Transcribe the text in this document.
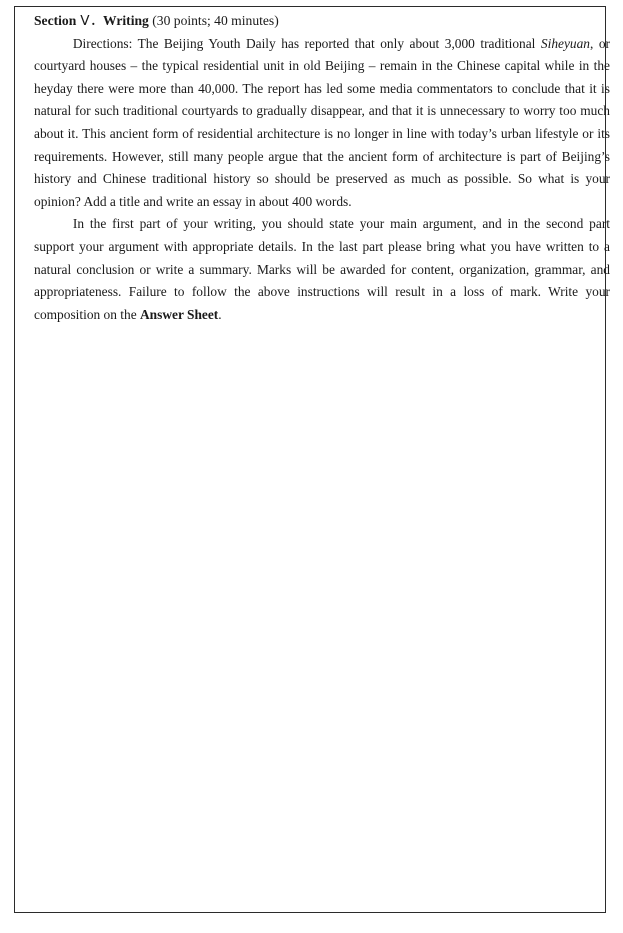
Section V . Writing (30 points; 40 minutes)

Directions: The Beijing Youth Daily has reported that only about 3,000 traditional Siheyuan, or courtyard houses – the typical residential unit in old Beijing – remain in the Chinese capital while in the heyday there were more than 40,000. The report has led some media commentators to conclude that it is natural for such traditional courtyards to gradually disappear, and that it is unnecessary to worry too much about it. This ancient form of residential architecture is no longer in line with today’s urban lifestyle or its requirements. However, still many people argue that the ancient form of architecture is part of Beijing’s history and Chinese traditional history so should be preserved as much as possible. So what is your opinion? Add a title and write an essay in about 400 words.

In the first part of your writing, you should state your main argument, and in the second part support your argument with appropriate details. In the last part please bring what you have written to a natural conclusion or write a summary. Marks will be awarded for content, organization, grammar, and appropriateness. Failure to follow the above instructions will result in a loss of mark. Write your composition on the Answer Sheet.
